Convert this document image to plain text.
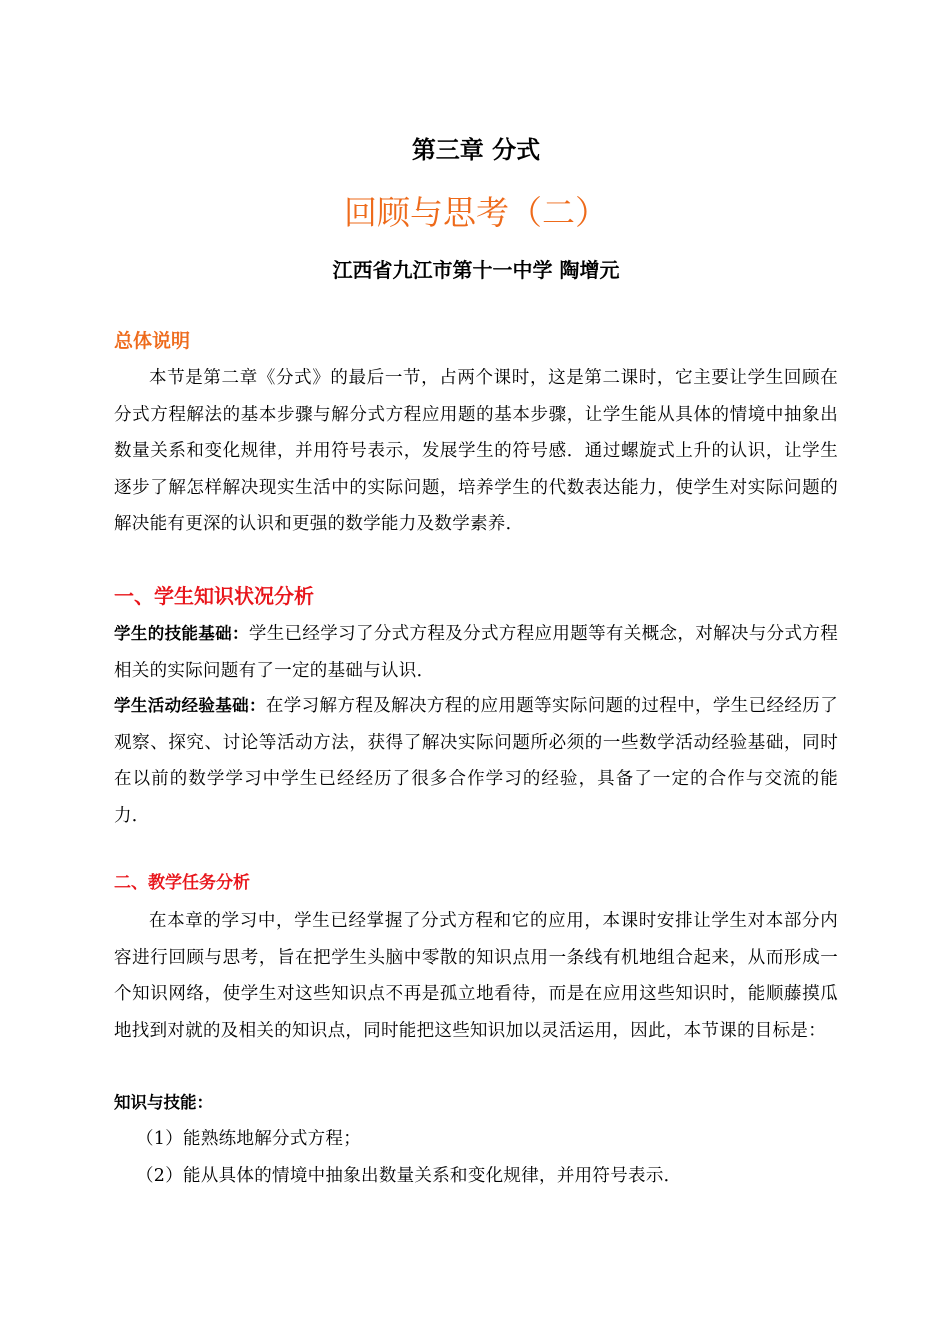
第三章 分式
回顾与思考（二）
江西省九江市第十一中学 陶增元
总体说明
本节是第二章《分式》的最后一节，占两个课时，这是第二课时，它主要让学生回顾在分式方程解法的基本步骤与解分式方程应用题的基本步骤，让学生能从具体的情境中抽象出数量关系和变化规律，并用符号表示，发展学生的符号感．通过螺旋式上升的认识，让学生逐步了解怎样解决现实生活中的实际问题，培养学生的代数表达能力，使学生对实际问题的解决能有更深的认识和更强的数学能力及数学素养．
一、学生知识状况分析
学生的技能基础：学生已经学习了分式方程及分式方程应用题等有关概念，对解决与分式方程相关的实际问题有了一定的基础与认识．
学生活动经验基础：在学习解方程及解决方程的应用题等实际问题的过程中，学生已经经历了观察、探究、讨论等活动方法，获得了解决实际问题所必须的一些数学活动经验基础，同时在以前的数学学习中学生已经经历了很多合作学习的经验，具备了一定的合作与交流的能力．
二、教学任务分析
在本章的学习中，学生已经掌握了分式方程和它的应用，本课时安排让学生对本部分内容进行回顾与思考，旨在把学生头脑中零散的知识点用一条线有机地组合起来，从而形成一个知识网络，使学生对这些知识点不再是孤立地看待，而是在应用这些知识时，能顺藤摸瓜地找到对就的及相关的知识点，同时能把这些知识加以灵活运用，因此，本节课的目标是：
知识与技能：
（1）能熟练地解分式方程；
（2）能从具体的情境中抽象出数量关系和变化规律，并用符号表示．
